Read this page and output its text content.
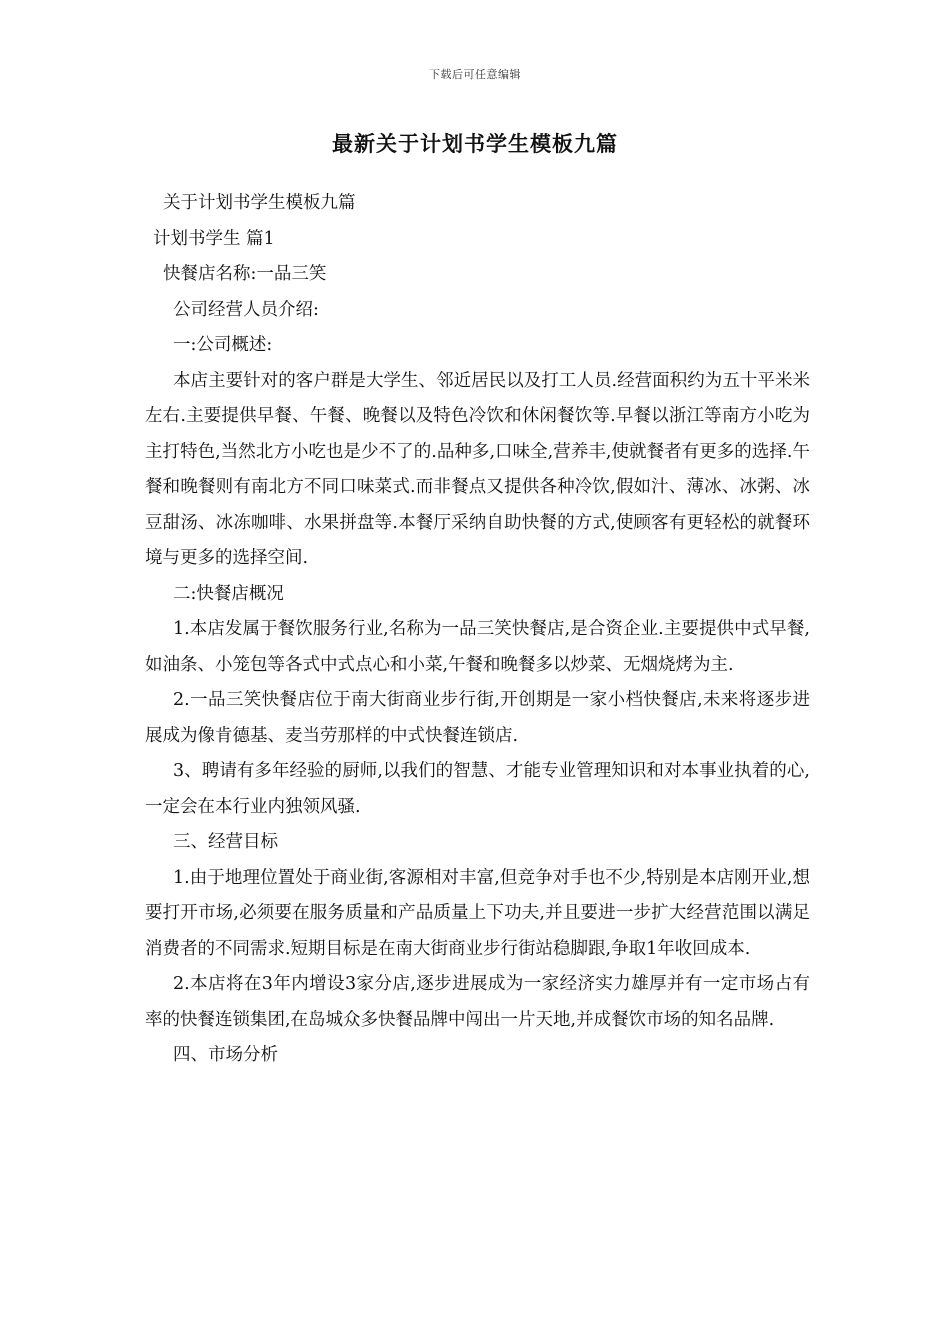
下载后可任意编辑
最新关于计划书学生模板九篇
关于计划书学生模板九篇
计划书学生 篇1
快餐店名称:一品三笑
公司经营人员介绍:
一:公司概述:

本店主要针对的客户群是大学生、邻近居民以及打工人员.经营面积约为五十平米米左右.主要提供早餐、午餐、晚餐以及特色冷饮和休闲餐饮等.早餐以浙江等南方小吃为主打特色,当然北方小吃也是少不了的.品种多,口味全,营养丰,使就餐者有更多的选择.午餐和晚餐则有南北方不同口味菜式.而非餐点又提供各种冷饮,假如汁、薄冰、冰粥、冰豆甜汤、冰冻咖啡、水果拼盘等.本餐厅采纳自助快餐的方式,使顾客有更轻松的就餐环境与更多的选择空间.

二:快餐店概况

1.本店发属于餐饮服务行业,名称为一品三笑快餐店,是合资企业.主要提供中式早餐,如油条、小笼包等各式中式点心和小菜,午餐和晚餐多以炒菜、无烟烧烤为主.

2.一品三笑快餐店位于南大街商业步行街,开创期是一家小档快餐店,未来将逐步进展成为像肯德基、麦当劳那样的中式快餐连锁店.

3、聘请有多年经验的厨师,以我们的智慧、才能专业管理知识和对本事业执着的心,一定会在本行业内独领风骚.

三、经营目标

1.由于地理位置处于商业街,客源相对丰富,但竞争对手也不少,特别是本店刚开业,想要打开市场,必须要在服务质量和产品质量上下功夫,并且要进一步扩大经营范围以满足消费者的不同需求.短期目标是在南大街商业步行街站稳脚跟,争取1年收回成本.

2.本店将在3年内增设3家分店,逐步进展成为一家经济实力雄厚并有一定市场占有率的快餐连锁集团,在岛城众多快餐品牌中闯出一片天地,并成餐饮市场的知名品牌.

四、市场分析
